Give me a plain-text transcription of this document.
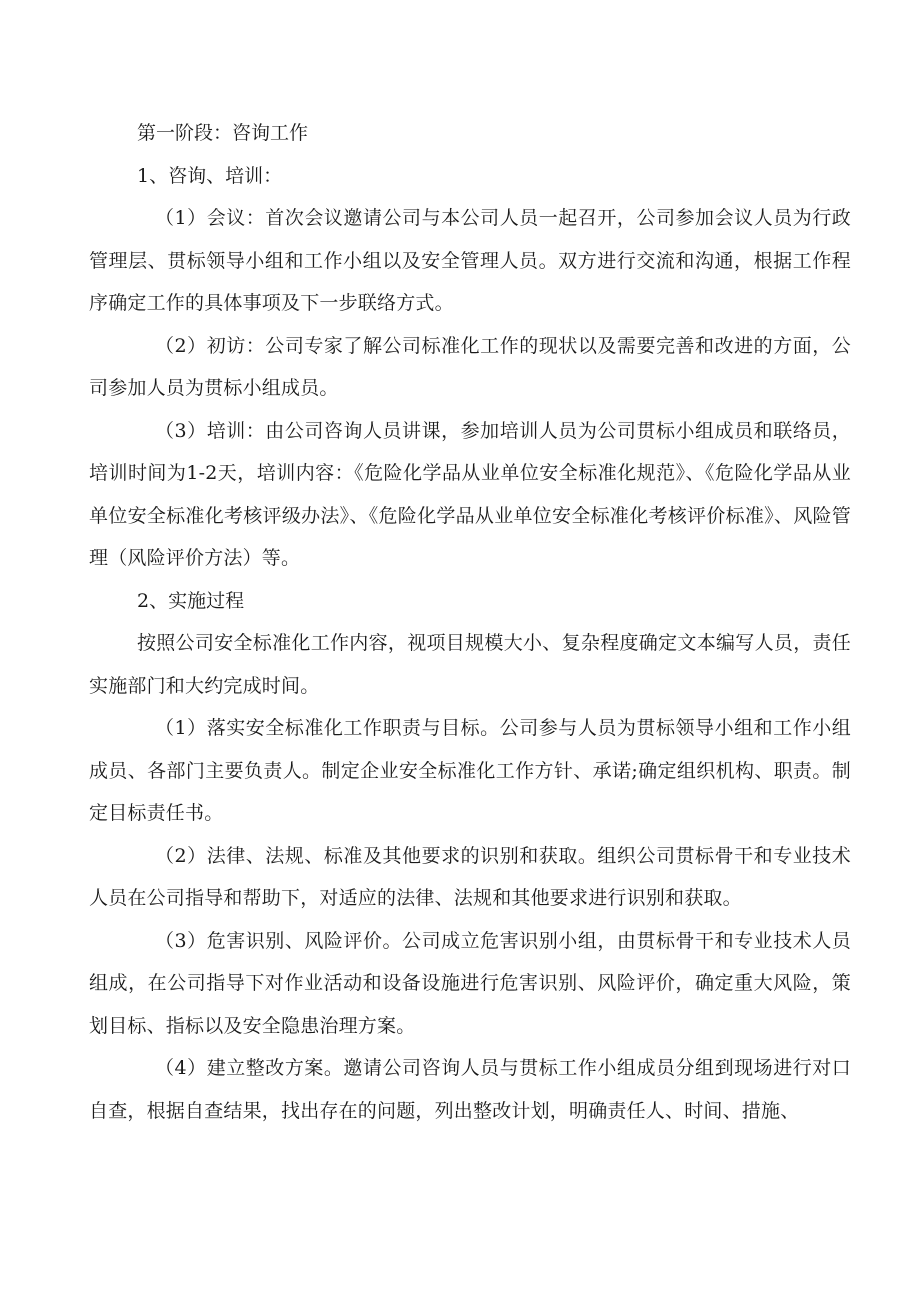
第一阶段：咨询工作

1、咨询、培训：

（1）会议：首次会议邀请公司与本公司人员一起召开，公司参加会议人员为行政管理层、贯标领导小组和工作小组以及安全管理人员。双方进行交流和沟通，根据工作程序确定工作的具体事项及下一步联络方式。

（2）初访：公司专家了解公司标准化工作的现状以及需要完善和改进的方面，公司参加人员为贯标小组成员。

（3）培训：由公司咨询人员讲课，参加培训人员为公司贯标小组成员和联络员，培训时间为1-2天，培训内容：《危险化学品从业单位安全标准化规范》、《危险化学品从业单位安全标准化考核评级办法》、《危险化学品从业单位安全标准化考核评价标准》、风险管理（风险评价方法）等。

2、实施过程

按照公司安全标准化工作内容，视项目规模大小、复杂程度确定文本编写人员，责任实施部门和大约完成时间。

（1）落实安全标准化工作职责与目标。公司参与人员为贯标领导小组和工作小组成员、各部门主要负责人。制定企业安全标准化工作方针、承诺;确定组织机构、职责。制定目标责任书。

（2）法律、法规、标准及其他要求的识别和获取。组织公司贯标骨干和专业技术人员在公司指导和帮助下，对适应的法律、法规和其他要求进行识别和获取。

（3）危害识别、风险评价。公司成立危害识别小组，由贯标骨干和专业技术人员组成，在公司指导下对作业活动和设备设施进行危害识别、风险评价，确定重大风险，策划目标、指标以及安全隐患治理方案。

（4）建立整改方案。邀请公司咨询人员与贯标工作小组成员分组到现场进行对口自查，根据自查结果，找出存在的问题，列出整改计划，明确责任人、时间、措施、
